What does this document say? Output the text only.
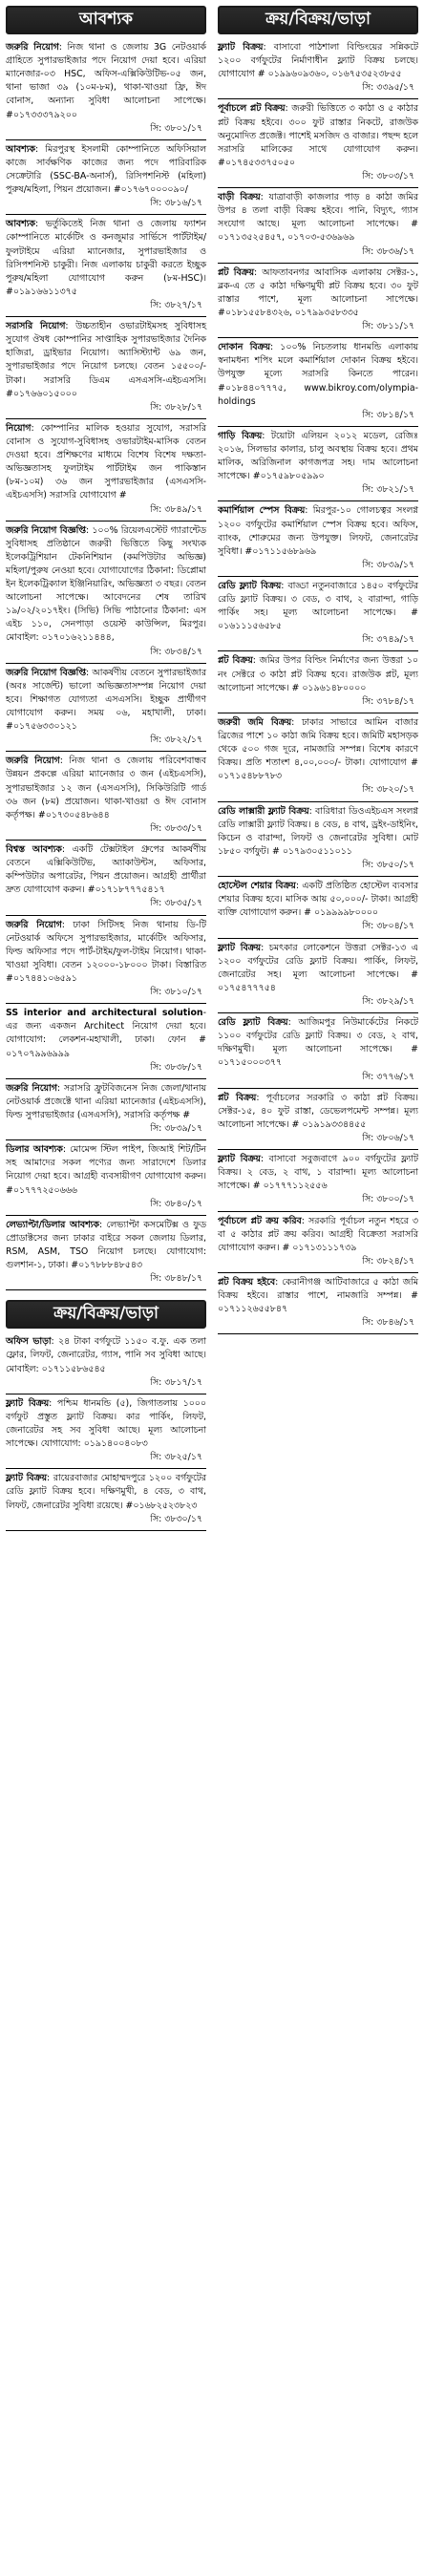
আবশ্যক
জরুরি নিয়োগ: নিজ থানা ও জেলায় 3G নেটওয়ার্ক গ্রাহিতে সুপারভাইজার পদে নিয়োগ দেয়া হবে। এরিয়া ম্যানেজার-০৩ HSC, অফিস-এক্সিকিউটিভ-০৫ জন, থানা ভাজা ৩৯ (১০ম-৮ম), থাকা-খাওয়া ফ্রি, ঈদ বোনাস, অন্যান্য সুবিধা আলোচনা সাপেক্ষে। #০১৭৩৩৩৭৯২০০
সি: ৩৮০১/১৭
আবশ্যক: মিরপুরস্থ ইসলামী কোম্পানিতে অফিসিয়াল কাজে সার্বক্ষণিক কাজের জন্য পদে পারিবারিক সেক্রেটারি (SSC-BA-অনার্স), রিসিপশনিস্ট (মহিলা) পুরুষ/মহিলা, পিয়ন প্রয়োজন। #০১৭৬৭০০০০৯০/
সি: ৩৮১৬/১৭
আবশ্যক: ভর্তুকিতেই নিজ থানা ও জেলায় ফ্যাশন কোম্পানিতে মার্কেটিং ও কনজুমার সার্ভিসে পার্টটাইম/ফুলটাইমে এরিয়া ম্যানেজার, সুপারভাইজার ও রিসিপশনিস্ট চাকুরী। নিজ এলাকায় চাকুরী করতে ইচ্ছুক পুরুষ/মহিলা যোগাযোগ করুন (৮ম-HSC)। #০১৯১৬৬১১৩৭৫
সি: ৩৮২৭/১৭
সরাসরি নিয়োগ: উচ্চতাহীন ওভারটাইমসহ সুবিধাসহ সুযোগ ঔষধ কোম্পানির সাপ্তাহিক সুপারভাইজার দৈনিক হাজিরা, ড্রাইভার নিয়োগ। অ্যাসিস্ট্যান্ট ৬৯ জন, সুপারভাইজার পদে নিয়োগ চলছে। বেতন ১৫৫০০/- টাকা। সরাসরি ডিএম এসএসসি-এইচএসসি। #০১৭৬৬০১৫০০০
সি: ৩৮২৮/১৭
নিয়োগ: কোম্পানির মালিক হওয়ার সুযোগ, সরাসরি বোনাস ও সুযোগ-সুবিধাসহ ওভারটাইম-মাসিক বেতন দেওয়া হবে। প্রশিক্ষণের মাধ্যমে বিশেষ বিশেষ দক্ষতা-অভিজ্ঞতাসহ ফুলটাইম পার্টটাইম জন পাকিস্তান (৮ম-১০ম) ৩৬ জন সুপারভাইজার (এসএসসি-এইচএসসি) সরাসরি যোগাযোগ #
সি: ৩৮৪৯/১৭
জরুরি নিয়োগ বিজ্ঞপ্তি: ১০০% রিয়েলএস্টেট গ্যারান্টেড সুবিধাসহ প্রতিষ্ঠানে জরুরী ভিত্তিতে কিছু সংখ্যক ইলেকট্রিশিয়ান টেকনিশিয়ান (কমপিউটার অভিজ্ঞ) মহিলা/পুরুষ নেওয়া হবে। যোগাযোগের ঠিকানা: ডিপ্লোমা ইন ইলেকট্রিক্যাল ইঞ্জিনিয়ারিং, অভিজ্ঞতা ৩ বছর। বেতন আলোচনা সাপেক্ষে। আবেদনের শেষ তারিখ ১৯/০২/২০১৭ইং। (সিভি) সিভি পাঠানোর ঠিকানা: এস এইচ ১১০, সেনপাড়া ওয়েস্ট কাউন্সিল, মিরপুর। মোবাইল: ০১৭০১৬২১১৪৪৪,
সি: ৩৮৩৪/১৭
জরুরি নিয়োগ বিজ্ঞপ্তি: আকর্ষণীয় বেতনে সুপারভাইজার (অবঃ সার্জেন্ট) ভালো অভিজ্ঞতাসম্পন্ন নিয়োগ দেয়া হবে। শিক্ষাগত যোগ্যতা এসএসসি। ইচ্ছুক প্রার্থীগণ যোগাযোগ করুন। সময় ০৬, মহাখালী, ঢাকা। #০১৭৫৬৩৩০১২১
সি: ৩৮২২/১৭
জরুরি নিয়োগ: নিজ থানা ও জেলায় পরিবেশবান্ধব উন্নয়ন প্রকল্পে এরিয়া ম্যানেজার ৩ জন (এইচএসসি), সুপারভাইজার ১২ জন (এসএসসি), সিকিউরিটি গার্ড ৩৬ জন (৮ম) প্রয়োজন। থাকা-খাওয়া ও ঈদ বোনাস কর্তৃপক্ষ। #০১৭৩০৫৪৮৬৪৪
সি: ৩৮৩৩/১৭
বিশ্বস্ত আবশ্যক: একটি টেক্সটাইল গ্রুপের আকর্ষণীয় বেতনে এক্সিকিউটিভ, অ্যাকাউন্টস, অফিসার, কম্পিউটার অপারেটর, পিয়ন প্রয়োজন। আগ্রহী প্রার্থীরা দ্রুত যোগাযোগ করুন। #০১৭১৮৭৭৭৫৪১৭
সি: ৩৮৩৫/১৭
জরুরি নিয়োগ: ঢাকা সিটিসহ নিজ থানায় ডি-টি নেটওয়ার্ক অফিসে সুপারভাইজার, মার্কেটিং অফিসার, ফিল্ড অফিসার পদে পার্ট-টাইম/ফুল-টাইম নিয়োগ। থাকা-খাওয়া সুবিধা। বেতন ১২০০০-১৮০০০ টাকা। বিস্তারিত #০১৭৪৪১০৬৫৯১
সি: ৩৮১০/১৭
SS interior and architectural solution- এর জন্য একজন Architect নিয়োগ দেয়া হবে। যোগাযোগ: লেকশন-মহাখালী, ঢাকা। ফোন # ০১৭০৭৯৯৬৯৯৯
সি: ৩৮৩৮/১৭
জরুরি নিয়োগ: সরাসরি ফ্রুটবিজনেস নিজ জেলা/থানায় নেটওয়ার্ক প্রজেক্টে থানা এরিয়া ম্যানেজার (এইচএসসি), ফিল্ড সুপারভাইজার (এসএসসি), সরাসরি কর্তৃপক্ষ #
সি: ৩৮৩৯/১৭
ডিলার আবশ্যক: মোমেন্স স্টিল পাইপ, জিআই শিট/টিন সহ আমাদের সকল পণ্যের জন্য সারাদেশে ডিলার নিয়োগ দেয়া হবে। আগ্রহী ব্যবসায়ীগণ যোগাযোগ করুন। #০১৭৭৭২৫০৬৬৬
সি: ৩৮৪০/১৭
লেভ্যাপ্টা/ডিলার আবশ্যক: লেভ্যাপ্টা কসমেটিক্স ও ফুড প্রোডাক্টসের জন্য ঢাকার বাইরে সকল জেলায় ডিলার, RSM, ASM, TSO নিয়োগ চলছে। যোগাযোগ: গুলশান-১, ঢাকা। #০১৭৮৮৮৪৮৫৪৩
সি: ৩৮৪৮/১৭
ক্রয়/বিক্রয়/ভাড়া
অফিস ভাড়া: ২৪ টাকা বর্গফুটে ১১৫০ ব.ফু. এক তলা ফ্লোর, লিফট, জেনারেটর, গ্যাস, পানি সব সুবিধা আছে। মোবাইল: ০১৭১১৫৮৬৫৪৫
সি: ৩৮১৭/১৭
ফ্ল্যাট বিক্রয়: পশ্চিম ধানমন্ডি (৫), জিগাতলায় ১০০০ বর্গফুট প্রস্তুত ফ্ল্যাট বিক্রয়। কার পার্কিং, লিফট, জেনারেটর সহ সব সুবিধা আছে। মূল্য আলোচনা সাপেক্ষে। যোগাযোগ: ০১৯১৪০০৪০৮৩
সি: ৩৮২৫/১৭
ফ্ল্যাট বিক্রয়: রায়েরবাজার মোহাম্মদপুরে ১২০০ বর্গফুটের রেডি ফ্ল্যাট বিক্রয় হবে। দক্ষিণমুখী, ৪ বেড, ৩ বাথ, লিফট, জেনারেটর সুবিধা রয়েছে। #০১৬৮২৫২৩৮২৩
সি: ৩৮৩০/১৭
ক্রয়/বিক্রয়/ভাড়া
ফ্ল্যাট বিক্রয়: বাসাবো পাঠশালা বিল্ডিংয়ের সন্নিকটে ১২০০ বর্গফুটের নির্মাণাধীন ফ্ল্যাট বিক্রয় চলছে। যোগাযোগ # ০১৯৯৬০৯৩৬০, ০১৬৭৫৩৫২৩৮৫৫
সি: ৩৩৯৫/১৭
পূর্বাচলে প্লট বিক্রয়: জরুরী ভিত্তিতে ৩ কাঠা ও ৫ কাঠার প্লট বিক্রয় হইবে। ৩০০ ফুট রাস্তার নিকটে, রাজউক অনুমোদিত প্রজেক্ট। পাশেই মসজিদ ও বাজার। পছন্দ হলে সরাসরি মালিকের সাথে যোগাযোগ করুন। #০১৭৪৫৩৩৭৫০৫০
সি: ৩৮০৩/১৭
বাড়ী বিক্রয়: যাত্রাবাড়ী কাজলার পাড় ৪ কাঠা জমির উপর ৪ তলা বাড়ী বিক্রয় হইবে। পানি, বিদ্যুৎ, গ্যাস সংযোগ আছে। মূল্য আলোচনা সাপেক্ষে। # ০১৭১৩৫২৫৪৫৭, ০১৭০৩-৫৩৬৯৬৯
সি: ৩৮৩৬/১৭
প্লট বিক্রয়: আফতাবনগর আবাসিক এলাকায় সেক্টর-১, ব্লক-এ তে ৫ কাঠা দক্ষিণমুখী প্লট বিক্রয় হবে। ৩০ ফুট রাস্তার পাশে, মূল্য আলোচনা সাপেক্ষে। #০১৮১৫৫৮৪৩২৬, ০১৭৯৯৩৫৮৩৩৫
সি: ৩৮১১/১৭
দোকান বিক্রয়: ১০০% নিচতলায় ধানমন্ডি এলাকায় স্বনামধন্য শপিং মলে কমার্শিয়াল দোকান বিক্রয় হইবে। উপযুক্ত মূল্যে সরাসরি কিনতে পারেন। #০১৮৪৪০৭৭৭৫, www.bikroy.com/olympia-holdings
সি: ৩৮১৪/১৭
গাড়ি বিক্রয়: টয়োটা এলিয়ন ২০১২ মডেল, রেজিঃ ২০১৬, সিলভার কালার, চালু অবস্থায় বিক্রয় হবে। প্রথম মালিক, অরিজিনাল কাগজপত্র সহ। দাম আলোচনা সাপেক্ষে। #০১৭৫৯৮০৫৯৯০
সি: ৩৮২১/১৭
কমার্শিয়াল স্পেস বিক্রয়: মিরপুর-১০ গোলচত্বর সংলগ্ন ১২০০ বর্গফুটের কমার্শিয়াল স্পেস বিক্রয় হবে। অফিস, ব্যাংক, শোরুমের জন্য উপযুক্ত। লিফট, জেনারেটর সুবিধা। #০১৭১১৫৬৮৯৬৯
সি: ৩৮৩৯/১৭
রেডি ফ্ল্যাট বিক্রয়: বাড্ডা নতুনবাজারে ১৪৫০ বর্গফুটের রেডি ফ্ল্যাট বিক্রয়। ৩ বেড, ৩ বাথ, ২ বারান্দা, গাড়ি পার্কিং সহ। মূল্য আলোচনা সাপেক্ষে। # ০১৬১১১৫৬৫৮৫
সি: ৩৭৪৯/১৭
প্লট বিক্রয়: জমির উপর বিল্ডিং নির্মাণের জন্য উত্তরা ১০ নং সেক্টরে ৩ কাঠা প্লট বিক্রয় হবে। রাজউক প্লট, মূল্য আলোচনা সাপেক্ষে। # ০১৯৬১৪৮০০০০
সি: ৩৭৮৪/১৭
জরুরী জমি বিক্রয়: ঢাকার সাভারে আমিন বাজার ব্রিজের পাশে ১০ কাঠা জমি বিক্রয় হবে। জমিটি মহাসড়ক থেকে ৫০০ গজ দূরে, নামজারি সম্পন্ন। বিশেষ কারণে বিক্রয়। প্রতি শতাংশ ৪,০০,০০০/- টাকা। যোগাযোগ # ০১৭১৫৪৮৮৭৮৩
সি: ৩৮২০/১৭
রেডি লাক্সারী ফ্ল্যাট বিক্রয়: বারিধারা ডিওএইচএস সংলগ্ন রেডি লাক্সারী ফ্ল্যাট বিক্রয়। ৪ বেড, ৪ বাথ, ড্রইং-ডাইনিং, কিচেন ও বারান্দা, লিফট ও জেনারেটর সুবিধা। মোট ১৮৫০ বর্গফুট। # ০১৭৯৩০৫১১০১১
সি: ৩৮৫০/১৭
হোস্টেল শেয়ার বিক্রয়: একটি প্রতিষ্ঠিত হোস্টেল ব্যবসার শেয়ার বিক্রয় হবে। মাসিক আয় ৫০,০০০/- টাকা। আগ্রহী ব্যক্তি যোগাযোগ করুন। # ০১৯৯৯৯৮০০০০
সি: ৩৮০৪/১৭
ফ্ল্যাট বিক্রয়: চমৎকার লোকেশনে উত্তরা সেক্টর-১৩ এ ১২০০ বর্গফুটের রেডি ফ্ল্যাট বিক্রয়। পার্কিং, লিফট, জেনারেটর সহ। মূল্য আলোচনা সাপেক্ষে। # ০১৭৫৪৭৭৭৫৪
সি: ৩৮২৯/১৭
রেডি ফ্ল্যাট বিক্রয়: আজিমপুর নিউমার্কেটের নিকটে ১১০০ বর্গফুটের রেডি ফ্ল্যাট বিক্রয়। ৩ বেড, ২ বাথ, দক্ষিণমুখী। মূল্য আলোচনা সাপেক্ষে। # ০১৭১৫০০০৩৭৭
সি: ৩৭৭৬/১৭
প্লট বিক্রয়: পূর্বাচলের সরকারি ৩ কাঠা প্লট বিক্রয়। সেক্টর-১৫, ৪০ ফুট রাস্তা, ডেভেলপমেন্ট সম্পন্ন। মূল্য আলোচনা সাপেক্ষে। # ০১৯১৯৩৩৪৪৫৫
সি: ৩৮০৬/১৭
ফ্ল্যাট বিক্রয়: বাসাবো সবুজবাগে ৯০০ বর্গফুটের ফ্ল্যাট বিক্রয়। ২ বেড, ২ বাথ, ১ বারান্দা। মূল্য আলোচনা সাপেক্ষে। # ০১৭৭৭১১২৫৫৬
সি: ৩৮০০/১৭
পূর্বাচলে প্লট ক্রয় করিব: সরকারি পূর্বাচল নতুন শহরে ৩ বা ৫ কাঠার প্লট ক্রয় করিব। আগ্রহী বিক্রেতা সরাসরি যোগাযোগ করুন। # ০১৭১৩১১১৭৩৯
সি: ৩৮২৪/১৭
প্লট বিক্রয় হইবে: কেরানীগঞ্জ আটিবাজারে ৫ কাঠা জমি বিক্রয় হইবে। রাস্তার পাশে, নামজারি সম্পন্ন। # ০১৭১১২৬৫৫৮৪৭
সি: ৩৮৪৬/১৭
